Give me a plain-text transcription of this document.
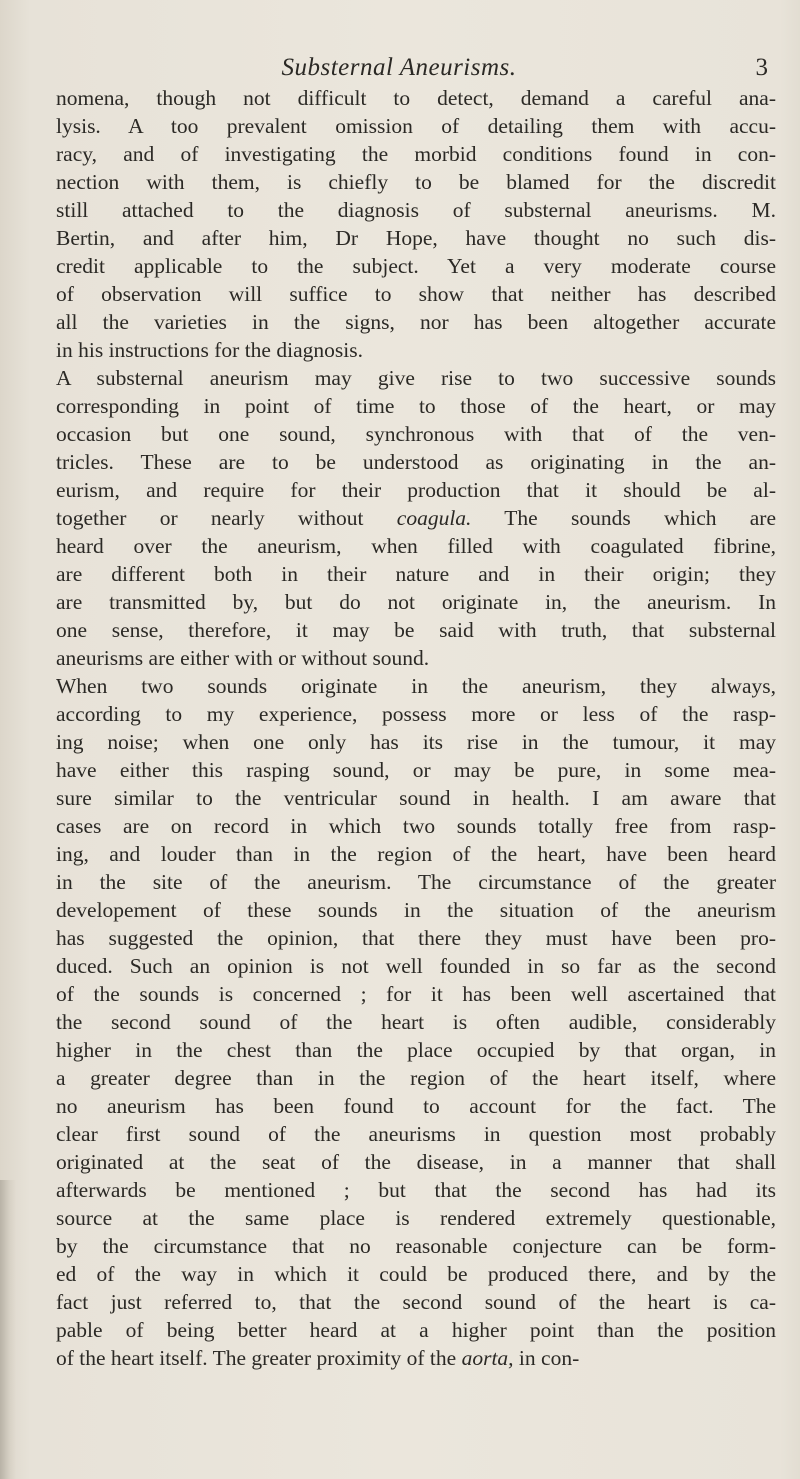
Substernal Aneurisms.	3
nomena, though not difficult to detect, demand a careful ana-
lysis. A too prevalent omission of detailing them with accu-
racy, and of investigating the morbid conditions found in con-
nection with them, is chiefly to be blamed for the discredit
still attached to the diagnosis of substernal aneurisms. M.
Bertin, and after him, Dr Hope, have thought no such dis-
credit applicable to the subject. Yet a very moderate course
of observation will suffice to show that neither has described
all the varieties in the signs, nor has been altogether accurate
in his instructions for the diagnosis.
A substernal aneurism may give rise to two successive sounds
corresponding in point of time to those of the heart, or may
occasion but one sound, synchronous with that of the ven-
tricles. These are to be understood as originating in the an-
eurism, and require for their production that it should be al-
together or nearly without coagula. The sounds which are
heard over the aneurism, when filled with coagulated fibrine,
are different both in their nature and in their origin; they
are transmitted by, but do not originate in, the aneurism. In
one sense, therefore, it may be said with truth, that substernal
aneurisms are either with or without sound.
When two sounds originate in the aneurism, they always,
according to my experience, possess more or less of the rasp-
ing noise; when one only has its rise in the tumour, it may
have either this rasping sound, or may be pure, in some mea-
sure similar to the ventricular sound in health. I am aware that
cases are on record in which two sounds totally free from rasp-
ing, and louder than in the region of the heart, have been heard
in the site of the aneurism. The circumstance of the greater
developement of these sounds in the situation of the aneurism
has suggested the opinion, that there they must have been pro-
duced. Such an opinion is not well founded in so far as the second
of the sounds is concerned ; for it has been well ascertained that
the second sound of the heart is often audible, considerably
higher in the chest than the place occupied by that organ, in
a greater degree than in the region of the heart itself, where
no aneurism has been found to account for the fact. The
clear first sound of the aneurisms in question most probably
originated at the seat of the disease, in a manner that shall
afterwards be mentioned ; but that the second has had its
source at the same place is rendered extremely questionable,
by the circumstance that no reasonable conjecture can be form-
ed of the way in which it could be produced there, and by the
fact just referred to, that the second sound of the heart is ca-
pable of being better heard at a higher point than the position
of the heart itself. The greater proximity of the aorta, in con-
